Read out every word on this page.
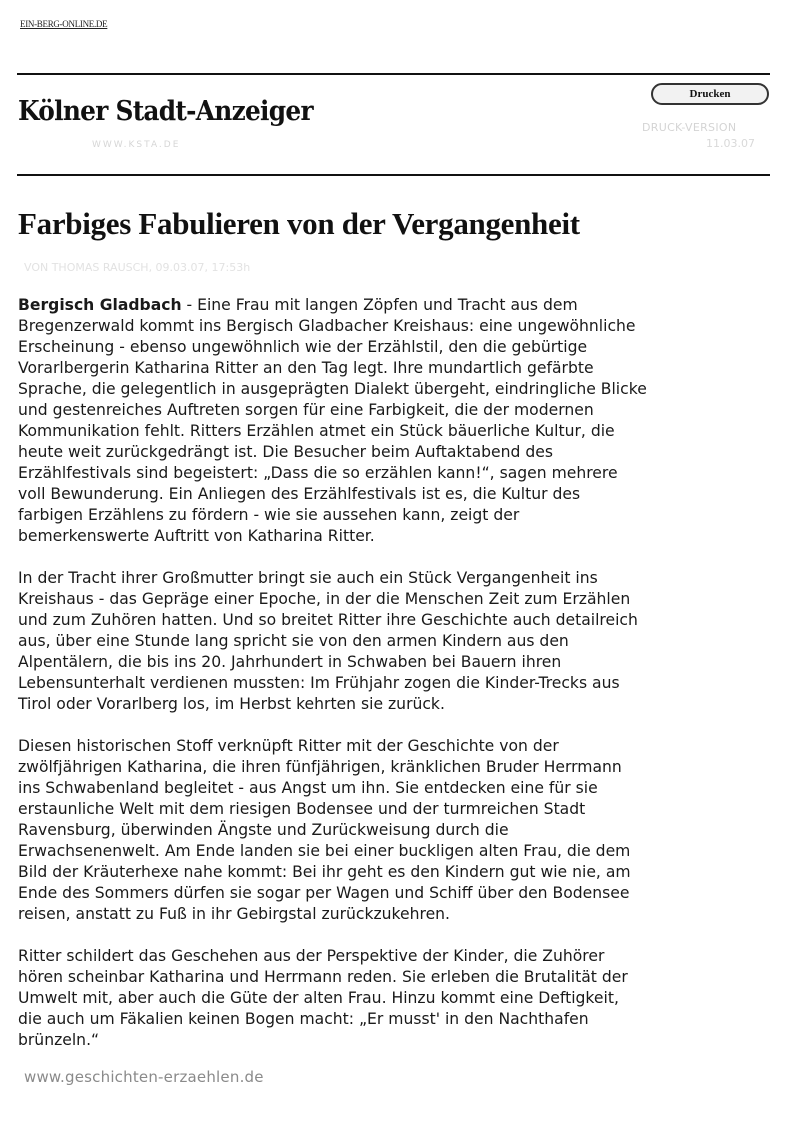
EIN-BERG-ONLINE.DE
Kölner Stadt-Anzeiger
WWW.KSTA.DE
Drucken
DRUCK-VERSION
11.03.07
Farbiges Fabulieren von der Vergangenheit
VON THOMAS RAUSCH, 09.03.07, 17:53h

Bergisch Gladbach - Eine Frau mit langen Zöpfen und Tracht aus dem
Bregenzerwald kommt ins Bergisch Gladbacher Kreishaus: eine ungewöhnliche
Erscheinung - ebenso ungewöhnlich wie der Erzählstil, den die gebürtige
Vorarlbergerin Katharina Ritter an den Tag legt. Ihre mundartlich gefärbte
Sprache, die gelegentlich in ausgeprägten Dialekt übergeht, eindringliche Blicke
und gestenreiches Auftreten sorgen für eine Farbigkeit, die der modernen
Kommunikation fehlt. Ritters Erzählen atmet ein Stück bäuerliche Kultur, die
heute weit zurückgedrängt ist. Die Besucher beim Auftaktabend des
Erzählfestivals sind begeistert: „Dass die so erzählen kann!“, sagen mehrere
voll Bewunderung. Ein Anliegen des Erzählfestivals ist es, die Kultur des
farbigen Erzählens zu fördern - wie sie aussehen kann, zeigt der
bemerkenswerte Auftritt von Katharina Ritter.

In der Tracht ihrer Großmutter bringt sie auch ein Stück Vergangenheit ins
Kreishaus - das Gepräge einer Epoche, in der die Menschen Zeit zum Erzählen
und zum Zuhören hatten. Und so breitet Ritter ihre Geschichte auch detailreich
aus, über eine Stunde lang spricht sie von den armen Kindern aus den
Alpentälern, die bis ins 20. Jahrhundert in Schwaben bei Bauern ihren
Lebensunterhalt verdienen mussten: Im Frühjahr zogen die Kinder-Trecks aus
Tirol oder Vorarlberg los, im Herbst kehrten sie zurück.

Diesen historischen Stoff verknüpft Ritter mit der Geschichte von der
zwölfjährigen Katharina, die ihren fünfjährigen, kränklichen Bruder Herrmann
ins Schwabenland begleitet - aus Angst um ihn. Sie entdecken eine für sie
erstaunliche Welt mit dem riesigen Bodensee und der turmreichen Stadt
Ravensburg, überwinden Ängste und Zurückweisung durch die
Erwachsenenwelt. Am Ende landen sie bei einer buckligen alten Frau, die dem
Bild der Kräuterhexe nahe kommt: Bei ihr geht es den Kindern gut wie nie, am
Ende des Sommers dürfen sie sogar per Wagen und Schiff über den Bodensee
reisen, anstatt zu Fuß in ihr Gebirgstal zurückzukehren.

Ritter schildert das Geschehen aus der Perspektive der Kinder, die Zuhörer
hören scheinbar Katharina und Herrmann reden. Sie erleben die Brutalität der
Umwelt mit, aber auch die Güte der alten Frau. Hinzu kommt eine Deftigkeit,
die auch um Fäkalien keinen Bogen macht: „Er musst' in den Nachthafen
brünzeln.“

www.geschichten-erzaehlen.de
